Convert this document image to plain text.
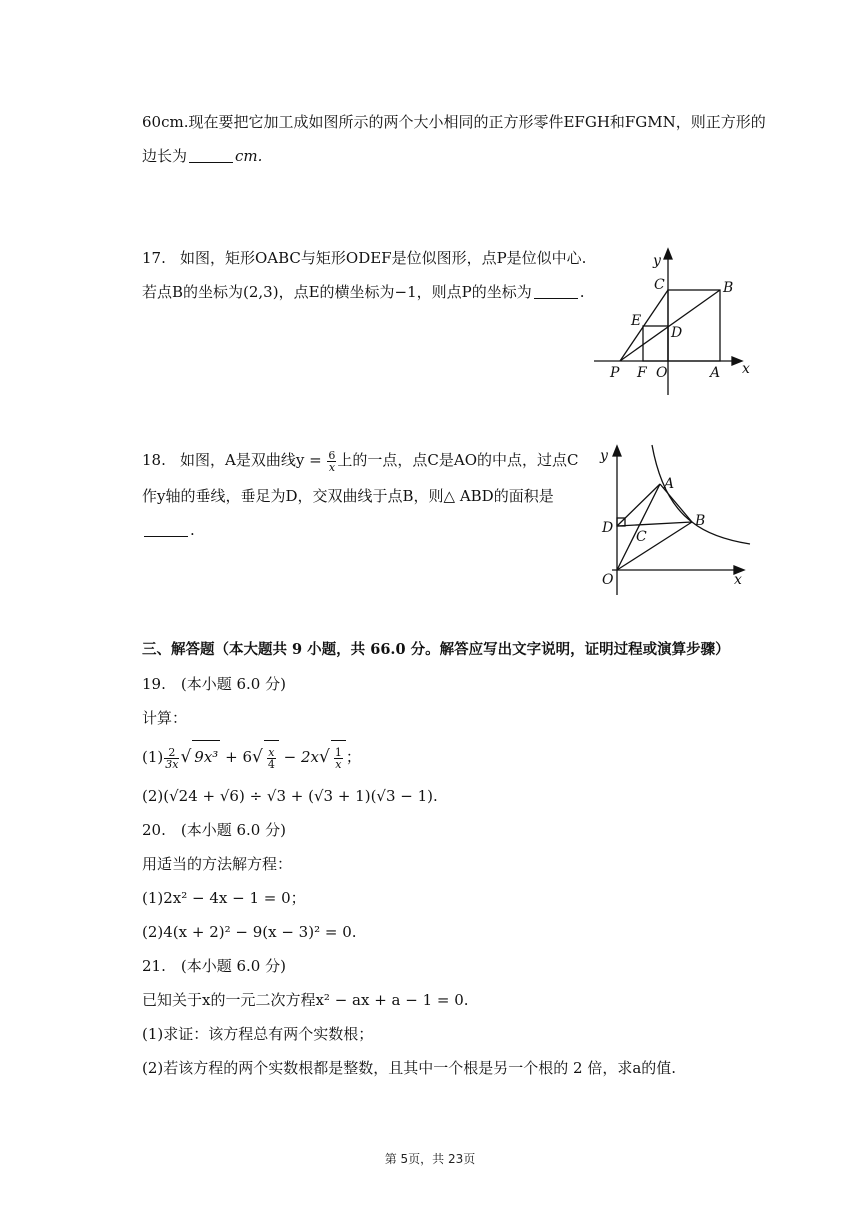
60cm.现在要把它加工成如图所示的两个大小相同的正方形零件EFGH和FGMN，则正方形的
边长为	cm.
17. 如图，矩形OABC与矩形ODEF是位似图形，点P是位似中心.
若点B的坐标为(2,3)，点E的横坐标为−1，则点P的坐标为	.
y
x
C	B
E
D
P F O	A
18. 如图，A是双曲线$y = \frac{6}{x}$ 上的一点，点C是AO的中点，过点C
作y轴的垂线，垂足为D，交双曲线于点B，则△ ABD的面积是
.
y
x
A
B
C
D
O
三、解答题（本大题共 9 小题，共 66.0 分。解答应写出文字说明，证明过程或演算步骤）
19.　(本小题 6.0 分)
计算：
$(1) \frac{2}{3x}$ √ $9x^3 + 6√ \frac{x}{4} - 2x√ \frac{1}{x}$ ；
(2)(√24 + √6) ÷ √3 + (√3 + 1)(√3 − 1).
20.　(本小题 6.0 分)
用适当的方法解方程：
(1)2x² − 4x − 1 = 0；
(2)4(x + 2)² − 9(x − 3)² = 0.
21.　(本小题 6.0 分)
已知关于x的一元二次方程x² − ax + a − 1 = 0.
(1)求证：该方程总有两个实数根；
(2)若该方程的两个实数根都是整数，且其中一个根是另一个根的 2 倍，求a的值.
第 5页，共 23页
